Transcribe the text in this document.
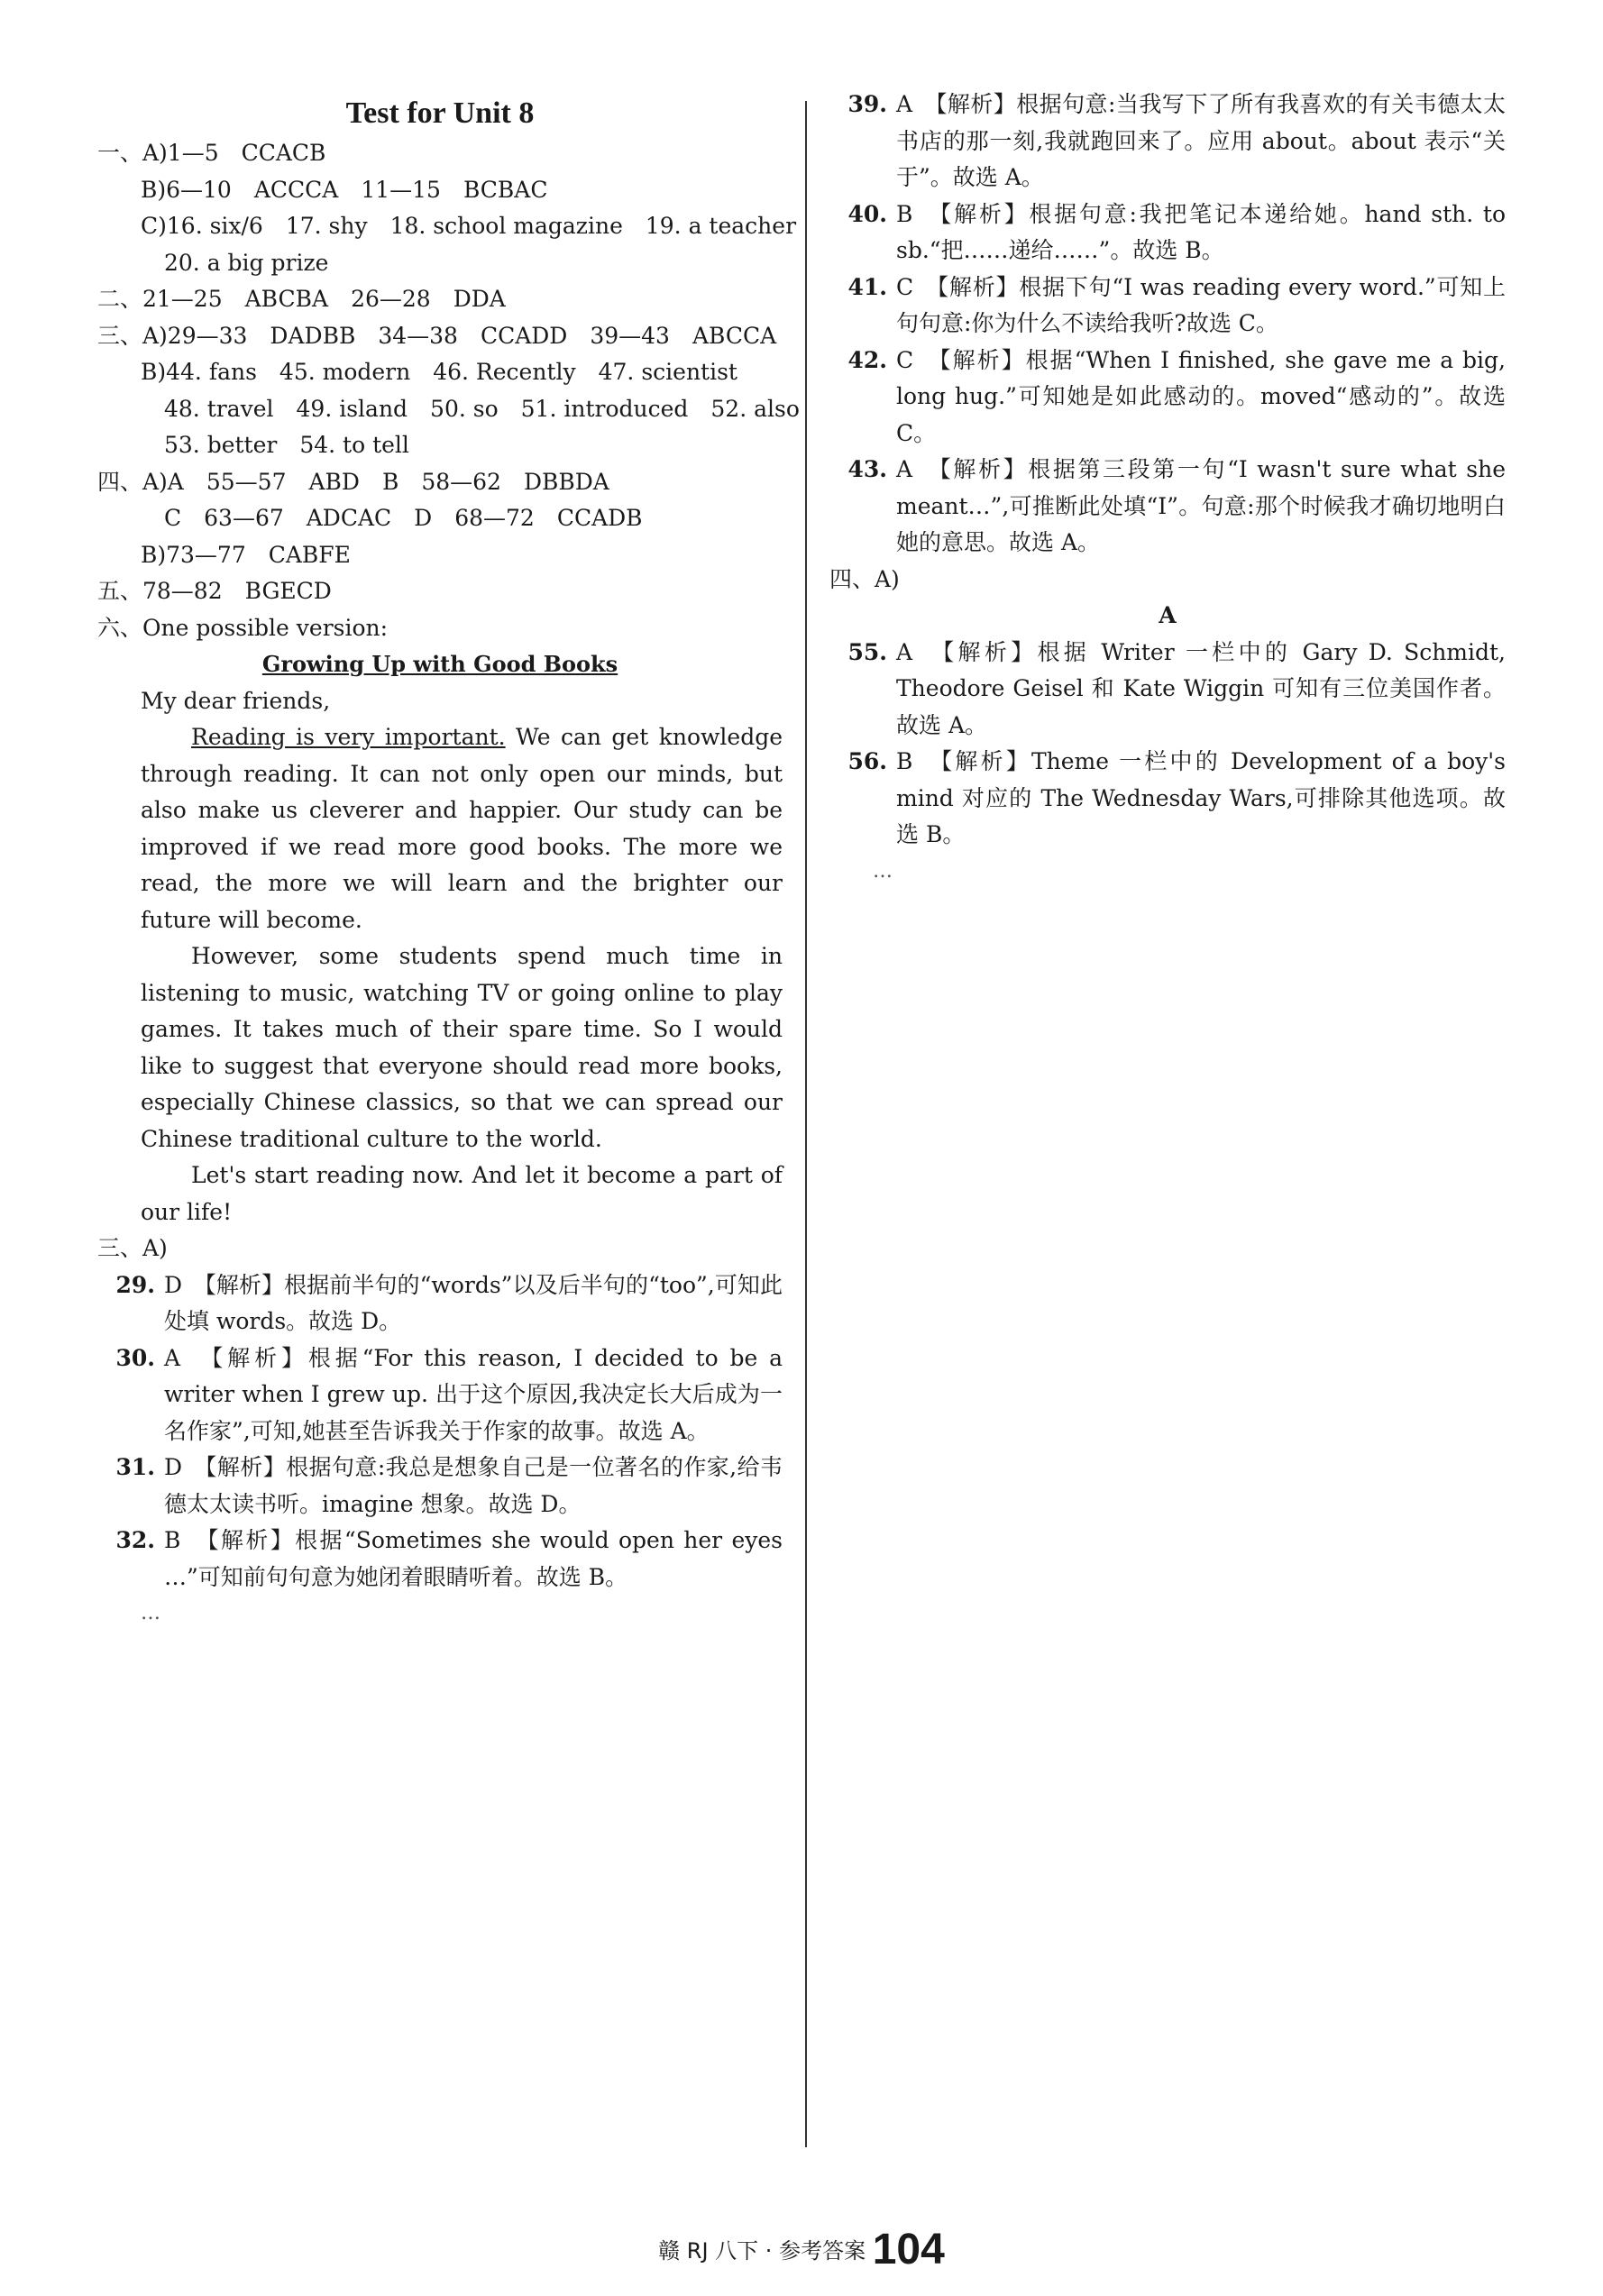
Test for Unit 8
一、A)1—5　CCACB
B)6—10　ACCCA　11—15　BCBAC
C)16. six/6　17. shy　18. school magazine　19. a teacher
20. a big prize
二、21—25　ABCBA　26—28　DDA
三、A)29—33　DADBB　34—38　CCADD　39—43　ABCCA
B)44. fans　45. modern　46. Recently　47. scientist
48. travel　49. island　50. so　51. introduced　52. also
53. better　54. to tell
四、A)A　55—57　ABD　B　58—62　DBBDA
C　63—67　ADCAC　D　68—72　CCADB
B)73—77　CABFE
五、78—82　BGECD
六、One possible version:
Growing Up with Good Books
My dear friends,
Reading is very important. We can get knowledge through reading. It can not only open our minds, but also make us cleverer and happier. Our study can be improved if we read more good books. The more we read, the more we will learn and the brighter our future will become.
However, some students spend much time in listening to music, watching TV or going online to play games. It takes much of their spare time. So I would like to suggest that everyone should read more books, especially Chinese classics, so that we can spread our Chinese traditional culture to the world.
Let's start reading now. And let it become a part of our life!
三、A)
29. D　【解析】根据前半句的“words”以及后半句的“too”,可知此处填 words。故选 D。
30. A　【解析】根据“For this reason, I decided to be a writer when I grew up. 出于这个原因,我决定长大后成为一名作家”,可知,她甚至告诉我关于作家的故事。故选 A。
31. D　【解析】根据句意:我总是想象自己是一位著名的作家,给韦德太太读书听。imagine 想象。故选 D。
32. B　【解析】根据“Sometimes she would open her eyes …”可知前句句意为她闭着眼睛听着。故选 B。
…
39. A　【解析】根据句意:当我写下了所有我喜欢的有关韦德太太书店的那一刻,我就跑回来了。应用 about。about 表示“关于”。故选 A。
40. B　【解析】根据句意:我把笔记本递给她。hand sth. to sb.“把……递给……”。故选 B。
41. C　【解析】根据下句“I was reading every word.”可知上句句意:你为什么不读给我听?故选 C。
42. C　【解析】根据“When I finished, she gave me a big, long hug.”可知她是如此感动的。moved“感动的”。故选 C。
43. A　【解析】根据第三段第一句“I wasn't sure what she meant…”,可推断此处填“I”。句意:那个时候我才确切地明白她的意思。故选 A。
四、A)
A
55. A　【解析】根据 Writer 一栏中的 Gary D. Schmidt, Theodore Geisel 和 Kate Wiggin 可知有三位美国作者。故选 A。
56. B　【解析】Theme 一栏中的 Development of a boy's mind 对应的 The Wednesday Wars,可排除其他选项。故选 B。
…
赣 RJ 八下 · 参考答案 104
